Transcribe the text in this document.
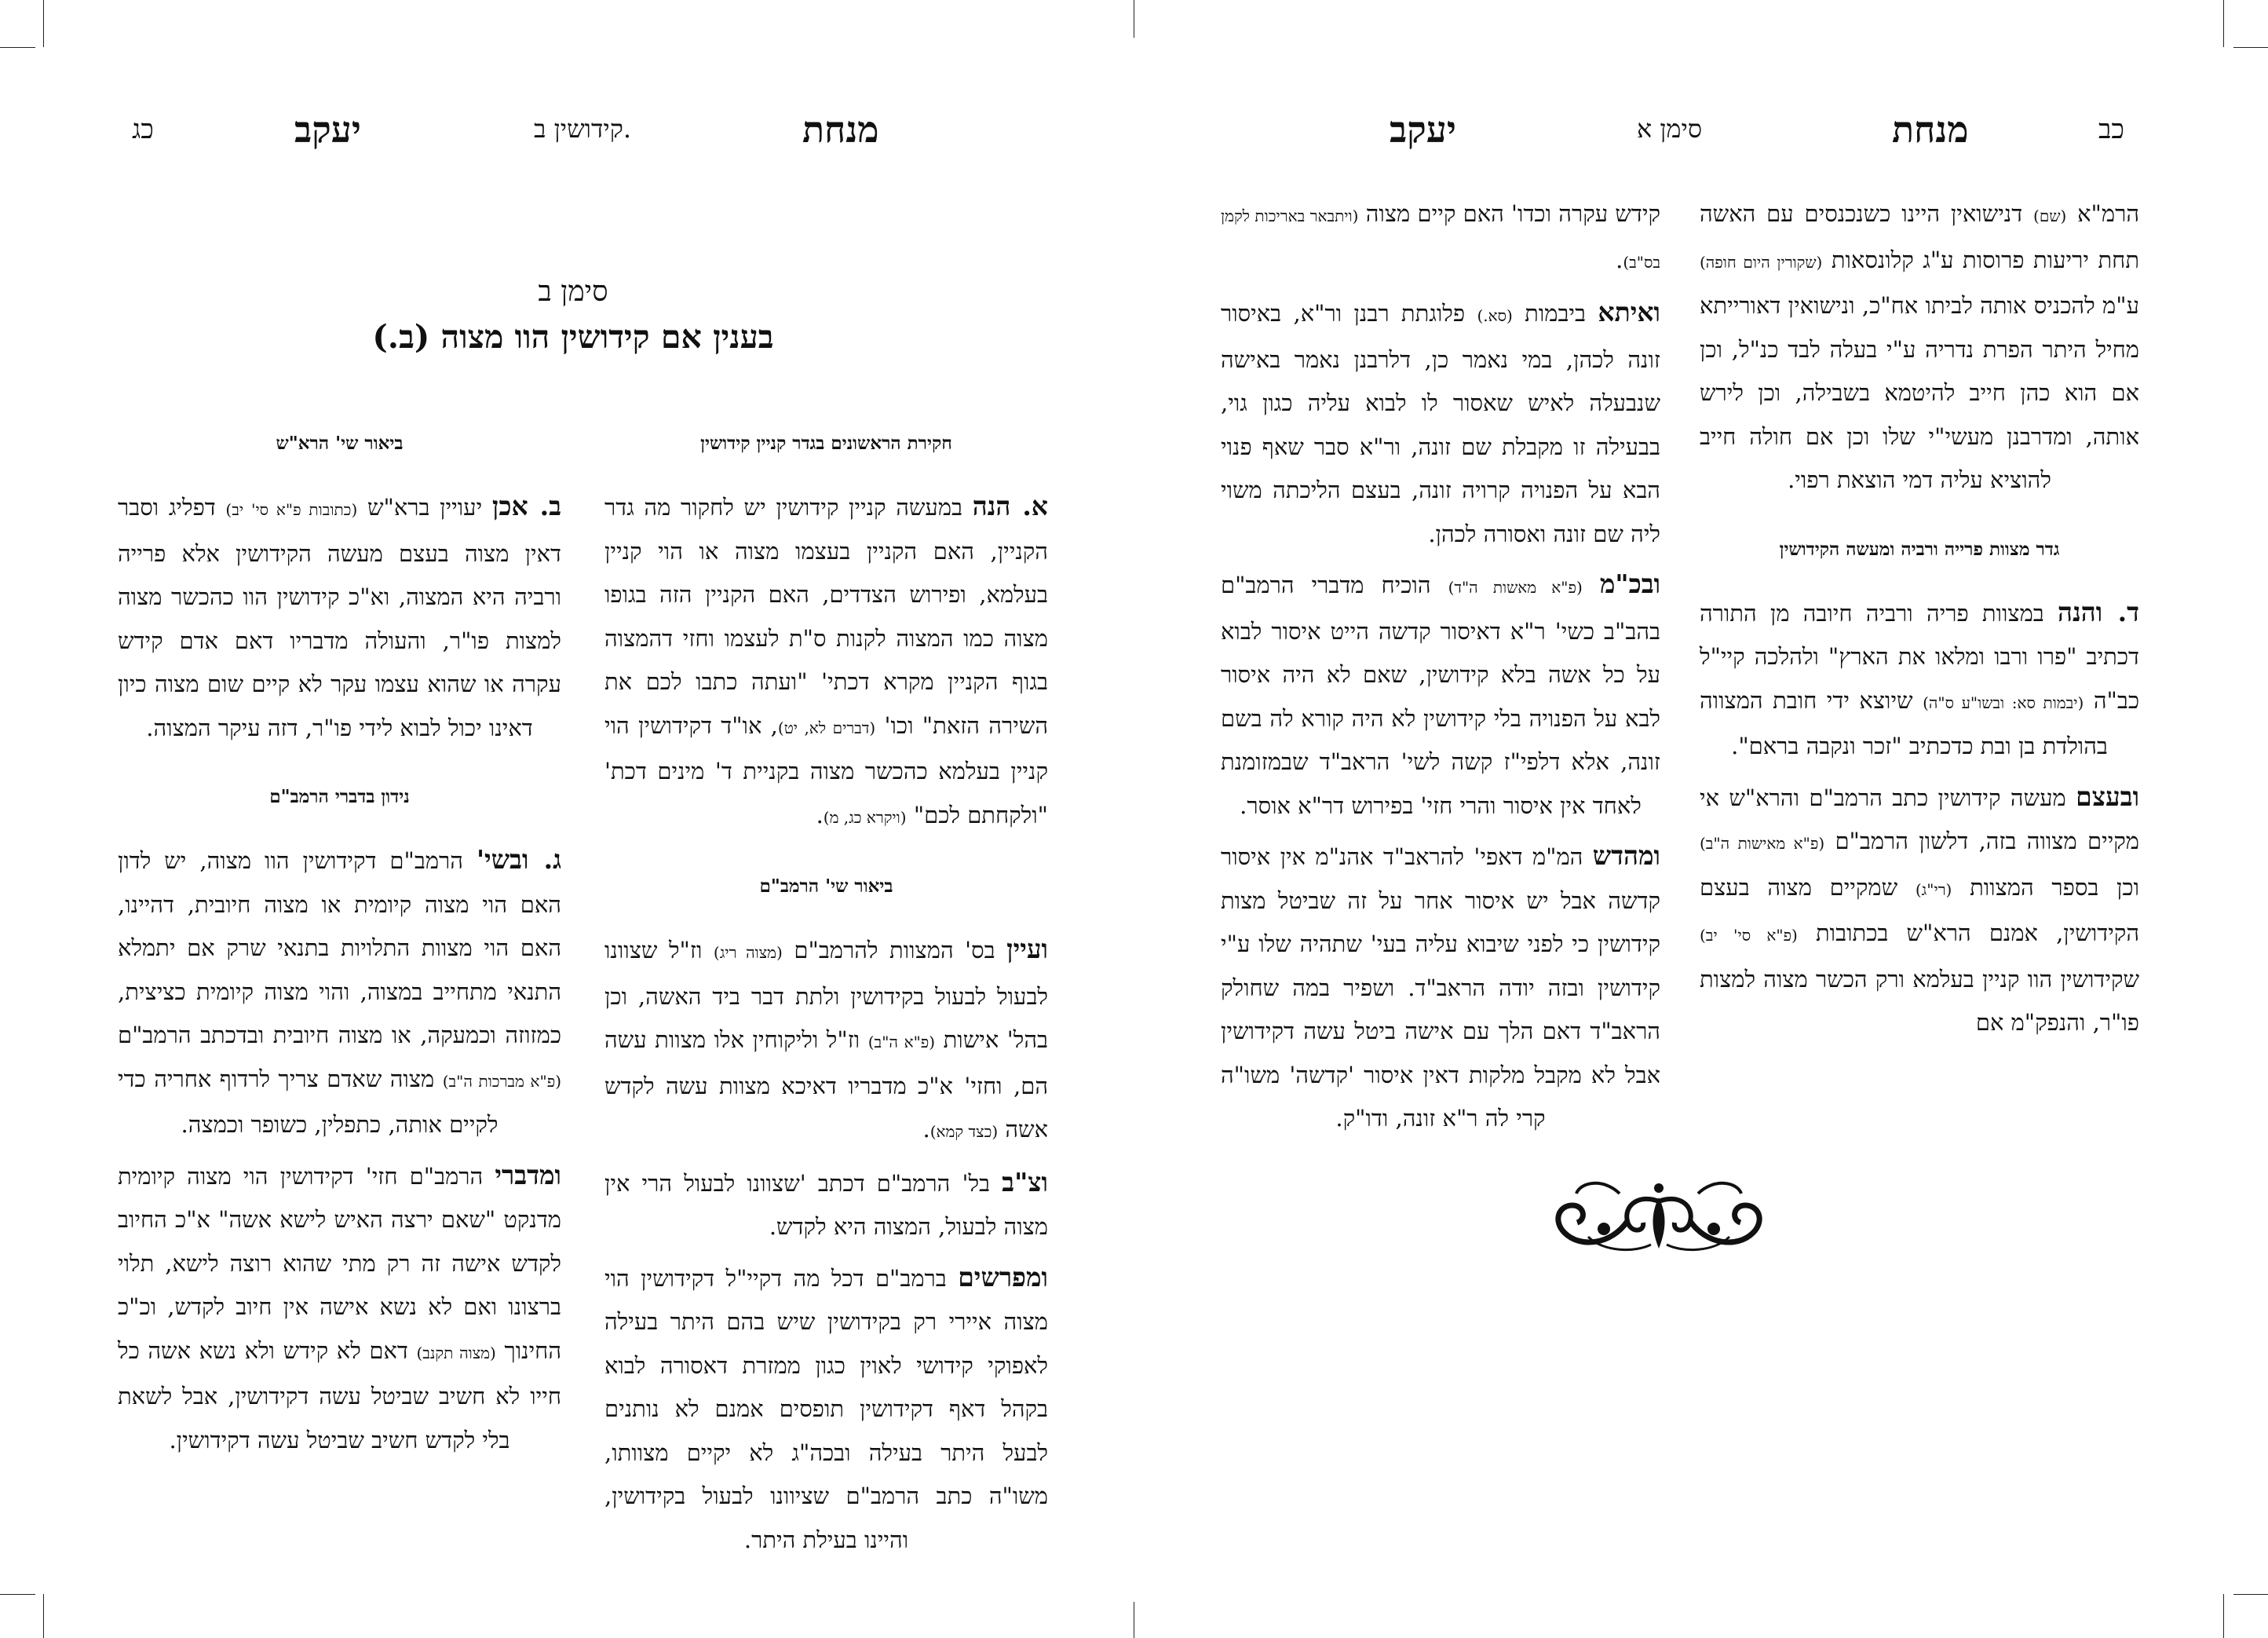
כג	יעקב	קידושין ב.	מנחת
סימן ב
בענין אם קידושין הוו מצוה (ב.)
חקירת הראשונים בגדר קניין קידושין

א. הנה במעשה קניין קידושין יש לחקור מה גדר הקניין, האם הקניין בעצמו מצוה או הוי קניין בעלמא, ופירוש הצדדים, האם הקניין הזה בגופו מצוה כמו המצוה לקנות ס"ת לעצמו וחזי דהמצוה בגוף הקניין מקרא דכתי' "ועתה כתבו לכם את השירה הזאת" וכו' (דברים לא, יט), או"ד דקידושין הוי קניין בעלמא כהכשר מצוה בקניית ד' מינים דכת' "ולקחתם לכם" (ויקרא כג, מ).

ביאור שי' הרמב"ם

ועיין בס' המצוות להרמב"ם (מצוה ריג) וז"ל שצוונו לבעול לבעול בקידושין ולתת דבר ביד האשה, וכן בהל' אישות (פ"א ה"ב) וז"ל וליקוחין אלו מצוות עשה הם, וחזי' א"כ מדבריו דאיכא מצוות עשה לקדש אשה (כצד קמא).

וצ"ב בל' הרמב"ם דכתב 'שצוונו לבעול הרי אין מצוה לבעול, המצוה היא לקדש.

ומפרשים ברמב"ם דכל מה דקיי"ל דקידושין הוי מצוה איירי רק בקידושין שיש בהם היתר בעילה לאפוקי קידושי לאוין כגון ממזרת דאסורה לבוא בקהל דאף דקידושין תופסים אמנם לא נותנים לבעל היתר בעילה ובכה"ג לא יקיים מצוותו, משו"ה כתב הרמב"ם שציוונו לבעול בקידושין, והיינו בעילת היתר.

ביאור שי' הרא"ש

ב. אכן יעויין ברא"ש (כתובות פ"א סי' יב) דפליג וסבר דאין מצוה בעצם מעשה הקידושין אלא פרייה ורביה היא המצוה, וא"כ קידושין הוו כהכשר מצוה למצות פו"ר, והעולה מדבריו דאם אדם קידש עקרה או שהוא עצמו עקר לא קיים שום מצוה כיון דאינו יכול לבוא לידי פו"ר, דזה עיקר המצוה.

נידון בדברי הרמב"ם

ג. ובשי' הרמב"ם דקידושין הוו מצוה, יש לדון האם הוי מצוה קיומית או מצוה חיובית, דהיינו, האם הוי מצוות התלויות בתנאי שרק אם יתמלא התנאי מתחייב במצוה, והוי מצוה קיומית כציצית, כמזוזה וכמעקה, או מצוה חיובית ובדכתב הרמב"ם (פ"א מברכות ה"ב) מצוה שאדם צריך לרדוף אחריה כדי לקיים אותה, כתפלין, כשופר וכמצה.

ומדברי הרמב"ם חזי' דקידושין הוי מצוה קיומית מדנקט "שאם ירצה האיש לישא אשה" א"כ החיוב לקדש אישה זה רק מתי שהוא רוצה לישא, תלוי ברצונו ואם לא נשא אישה אין חיוב לקדש, וכ"כ החינוך (מצוה תקנב) דאם לא קידש ולא נשא אשה כל חייו לא חשיב שביטל עשה דקידושין, אבל לשאת בלי לקדש חשיב שביטל עשה דקידושין.

כב
מנחת
סימן א
יעקב

הרמ"א (שם) דנישואין היינו כשנכנסים עם האשה תחת יריעות פרוסות ע"ג קלונסאות (שקורין היום חופה) ע"מ להכניס אותה לביתו אח"כ, ונישואין דאורייתא מחיל היתר הפרת נדריה ע"י בעלה לבד כנ"ל, וכן אם הוא כהן חייב להיטמא בשבילה, וכן לירש אותה, ומדרבנן מעשי"י שלו וכן אם חולה חייב להוציא עליה דמי הוצאת רפוי.

גדר מצוות פרייה ורביה ומעשה הקידושין

ד. והנה במצוות פריה ורביה חיובה מן התורה דכתיב "פרו ורבו ומלאו את הארץ" ולהלכה קיי"ל כב"ה (יבמות סא: ובשו"ע ס"ה) שיוצא ידי חובת המצווה בהולדת בן ובת כדכתיב "זכר ונקבה בראם".

ובעצם מעשה קידושין כתב הרמב"ם והרא"ש אי מקיים מצווה בזה, דלשון הרמב"ם (פ"א מאישות ה"ב) וכן בספר המצוות (רי"ג) שמקיים מצוה בעצם הקידושין, אמנם הרא"ש בכתובות (פ"א סי' יב) שקידושין הוו קניין בעלמא ורק הכשר מצוה למצות פו"ר, והנפק"מ אם

קידש עקרה וכדו' האם קיים מצוה (ויתבאר באריכות לקמן בס"ב).

ואיתא ביבמות (סא.) פלוגתת רבנן ור"א, באיסור זונה לכהן, במי נאמר כן, דלרבנן נאמר באישה שנבעלה לאיש שאסור לו לבוא עליה כגון גוי, בבעילה זו מקבלת שם זונה, ור"א סבר שאף פנוי הבא על הפנויה קרויה זונה, בעצם הליכתה משוי ליה שם זונה ואסורה לכהן.

ובכ"מ (פ"א מאשות ה"ד) הוכיח מדברי הרמב"ם בהב"ב כשי' ר"א דאיסור קדשה הייט איסור לבוא על כל אשה בלא קידושין, שאם לא היה איסור לבא על הפנויה בלי קידושין לא היה קורא לה בשם זונה, אלא דלפי"ז קשה לשי' הראב"ד שבמזומנת לאחד אין איסור והרי חזי' בפירוש דר"א אוסר.

ומהדש המ"מ דאפי' להראב"ד אהנ"מ אין איסור קדשה אבל יש איסור אחר על זה שביטל מצות קידושין כי לפני שיבוא עליה בעי' שתהיה שלו ע"י קידושין ובזה יודה הראב"ד. ושפיר במה שחולק הראב"ד דאם הלך עם אישה ביטל עשה דקידושין אבל לא מקבל מלקות דאין איסור 'קדשה' משו"ה קרי לה ר"א זונה, ודו"ק.
